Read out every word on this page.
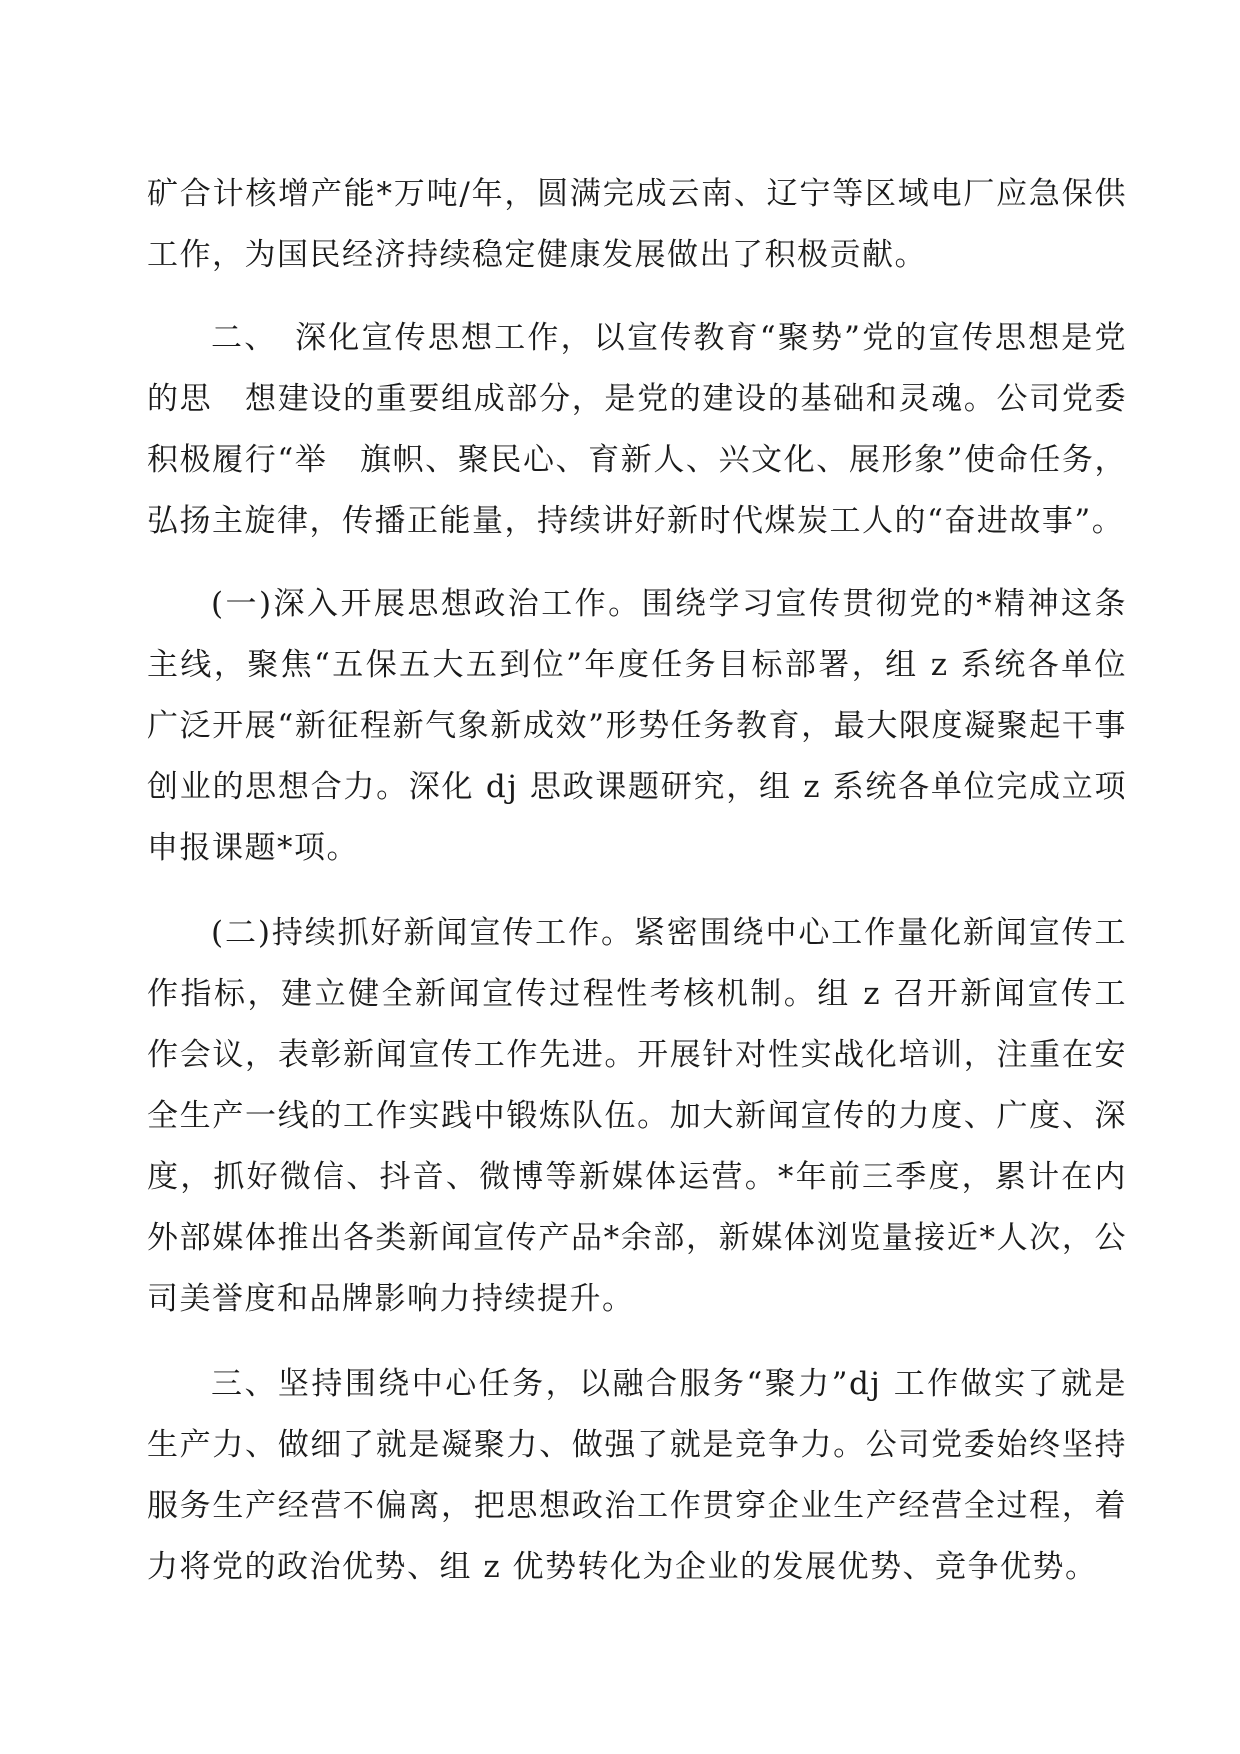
矿合计核增产能*万吨/年，圆满完成云南、辽宁等区域电厂应急保供工作，为国民经济持续稳定健康发展做出了积极贡献。

二、　深化宣传思想工作，以宣传教育“聚势”党的宣传思想是党的思　想建设的重要组成部分，是党的建设的基础和灵魂。公司党委积极履行“举　旗帜、聚民心、育新人、兴文化、展形象”使命任务，弘扬主旋律，传播正能量，持续讲好新时代煤炭工人的“奋进故事”。

(一)深入开展思想政治工作。围绕学习宣传贯彻党的*精神这条主线，聚焦“五保五大五到位”年度任务目标部署，组 z 系统各单位广泛开展“新征程新气象新成效”形势任务教育，最大限度凝聚起干事创业的思想合力。深化 dj 思政课题研究，组 z 系统各单位完成立项申报课题*项。

(二)持续抓好新闻宣传工作。紧密围绕中心工作量化新闻宣传工作指标，建立健全新闻宣传过程性考核机制。组 z 召开新闻宣传工作会议，表彰新闻宣传工作先进。开展针对性实战化培训，注重在安全生产一线的工作实践中锻炼队伍。加大新闻宣传的力度、广度、深度，抓好微信、抖音、微博等新媒体运营。*年前三季度，累计在内外部媒体推出各类新闻宣传产品*余部，新媒体浏览量接近*人次，公司美誉度和品牌影响力持续提升。

三、坚持围绕中心任务，以融合服务“聚力”dj 工作做实了就是生产力、做细了就是凝聚力、做强了就是竞争力。公司党委始终坚持服务生产经营不偏离，把思想政治工作贯穿企业生产经营全过程，着力将党的政治优势、组 z 优势转化为企业的发展优势、竞争优势。
